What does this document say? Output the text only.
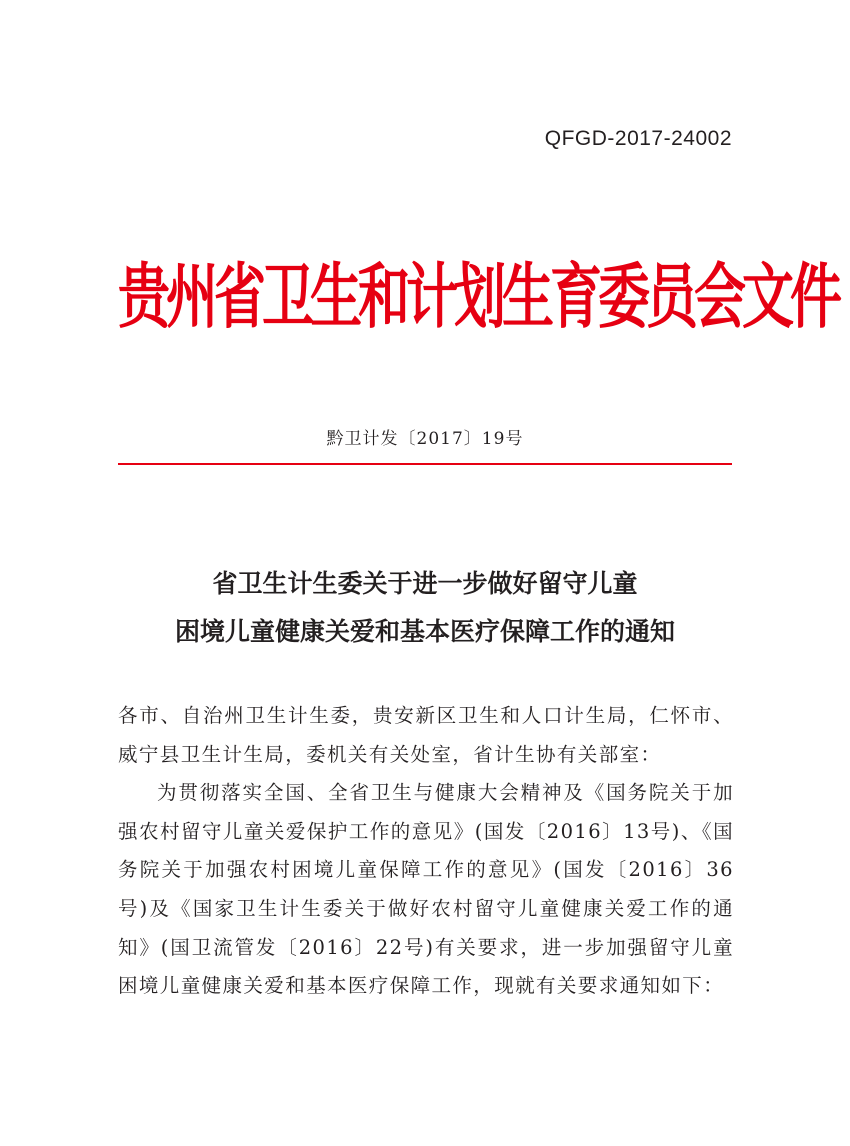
QFGD-2017-24002
贵州省卫生和计划生育委员会文件
黔卫计发〔2017〕19号
省卫生计生委关于进一步做好留守儿童
困境儿童健康关爱和基本医疗保障工作的通知

各市、自治州卫生计生委，贵安新区卫生和人口计生局，仁怀市、威宁县卫生计生局，委机关有关处室，省计生协有关部室：

为贯彻落实全国、全省卫生与健康大会精神及《国务院关于加强农村留守儿童关爱保护工作的意见》(国发〔2016〕13号)、《国务院关于加强农村困境儿童保障工作的意见》(国发〔2016〕36号)及《国家卫生计生委关于做好农村留守儿童健康关爱工作的通知》(国卫流管发〔2016〕22号)有关要求，进一步加强留守儿童困境儿童健康关爱和基本医疗保障工作，现就有关要求通知如下：
